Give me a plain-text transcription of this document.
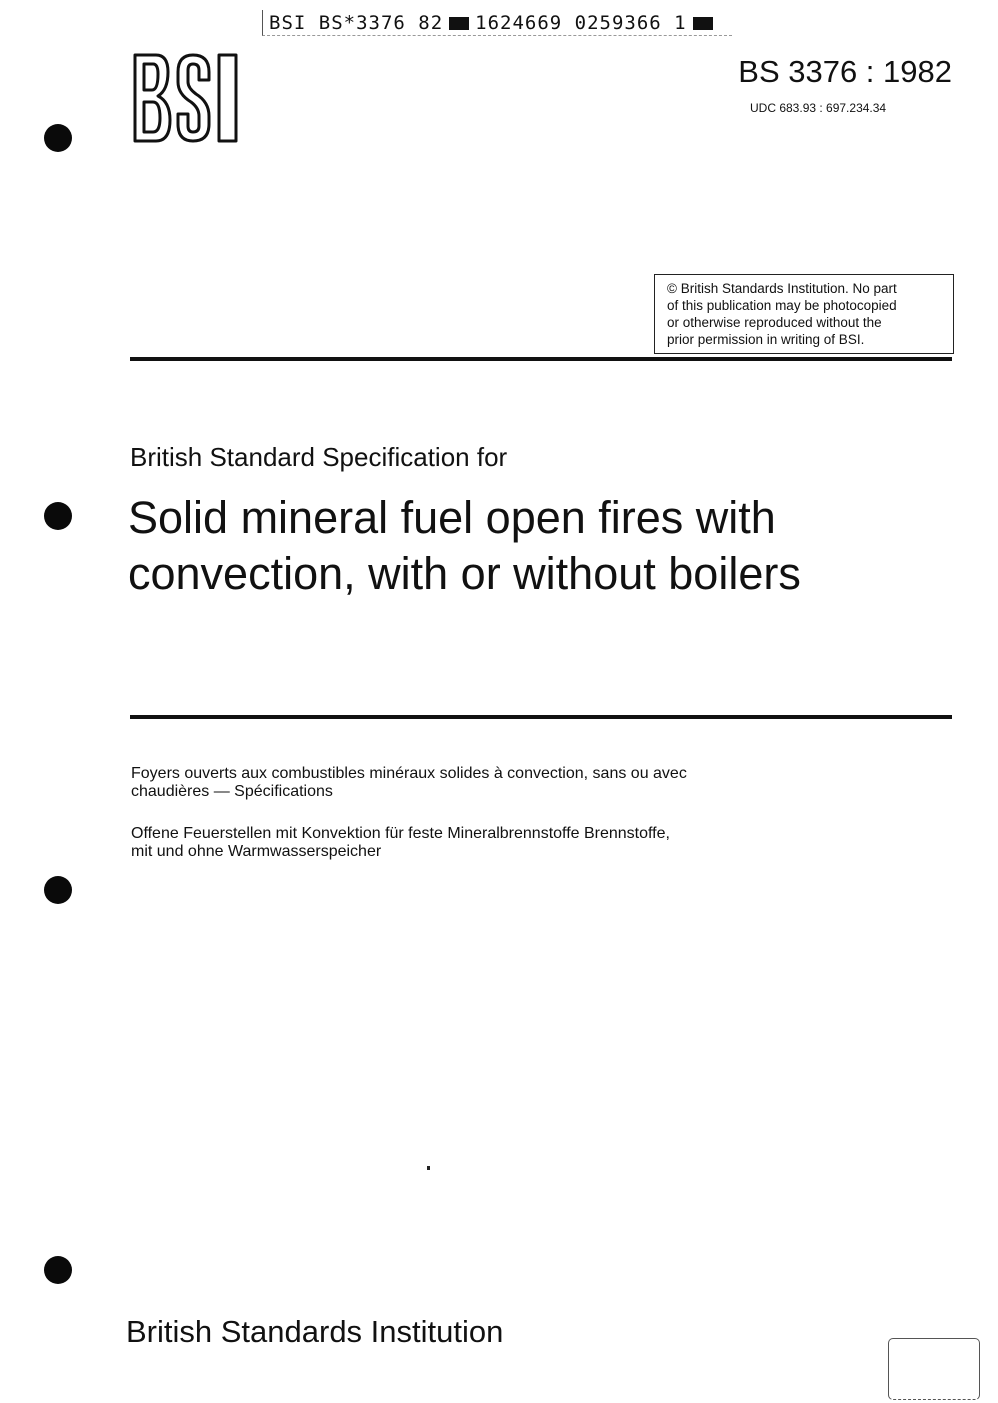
BSI BS*3376 82 1624669 0259366 1
BS 3376 : 1982
UDC 683.93 : 697.234.34
© British Standards Institution. No part
of this publication may be photocopied
or otherwise reproduced without the
prior permission in writing of BSI.
British Standard Specification for
Solid mineral fuel open fires with
convection, with or without boilers
Foyers ouverts aux combustibles minéraux solides à convection, sans ou avec
chaudières — Spécifications
Offene Feuerstellen mit Konvektion für feste Mineralbrennstoffe Brennstoffe,
mit und ohne Warmwasserspeicher
British Standards Institution
